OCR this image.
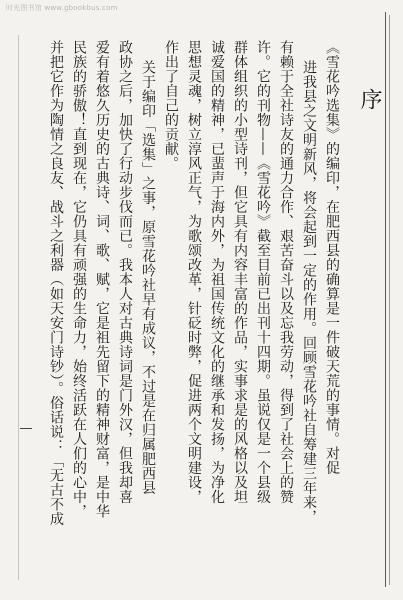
时光图书馆 www.gbookbus.com
序
《雪花吟选集》的编印，在肥西县的确算是一件破天荒的事情。对促
进我县之文明新风，将会起到一定的作用。回顾雪花吟社自筹建三年来，
有赖于全社诗友的通力合作、艰苦奋斗以及忘我劳动，得到了社会上的赞
许。它的刊物——《雪花吟》截至目前已出刊十四期。虽说仅是一个县级
群体组织的小型诗刊，但它具有内容丰富的作品，实事求是的风格以及坦
诚爱国的精神，已蜚声于海内外，为祖国传统文化的继承和发扬，为净化
思想灵魂，树立淳风正气，为歌颂改革，针砭时弊，促进两个文明建设，
作出了自己的贡献。
关于编印「选集」之事，原雪花吟社早有成议，不过是在归属肥西县
政协之后，加快了行动步伐而已。我本人对古典诗词是门外汉，但我却喜
爱有着悠久历史的古典诗、词、歌、赋，它是祖先留下的精神财富，是中华
民族的骄傲！直到现在，它仍具有顽强的生命力，始终活跃在人们的心中，
并把它作为陶情之良友、战斗之利器（如天安门诗钞）。俗话说：「无古不成
